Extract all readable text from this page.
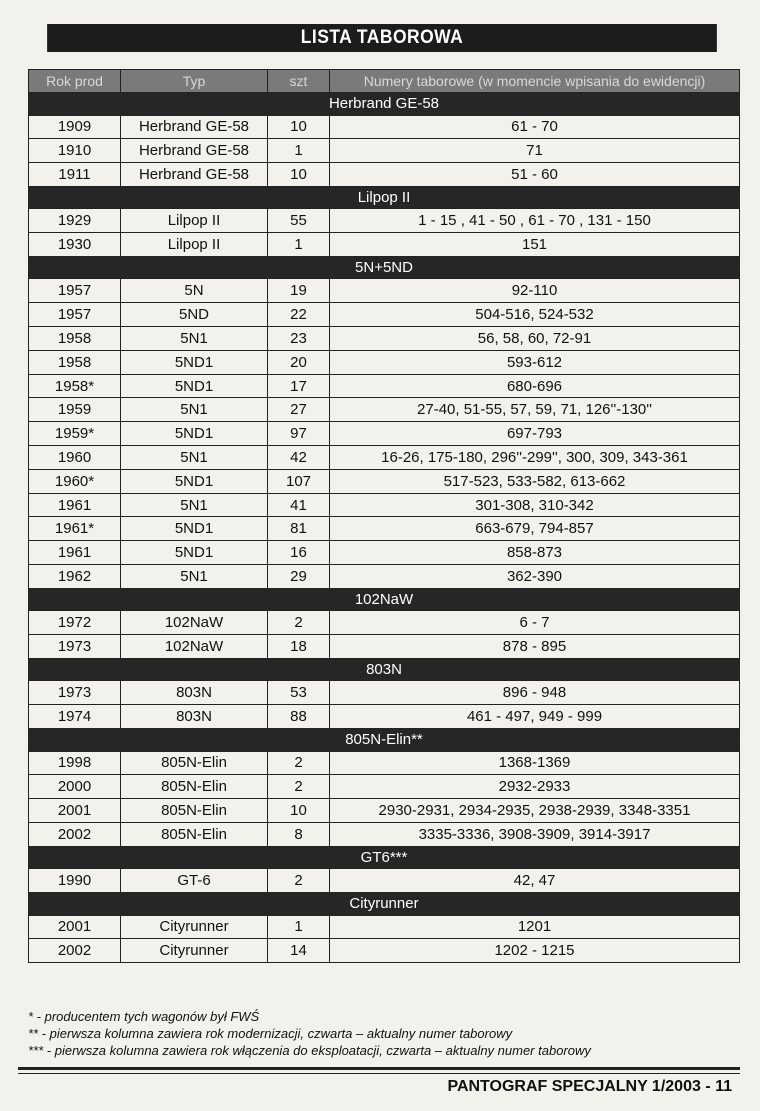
LISTA TABOROWA
Rok prod	Typ	szt	Numery taborowe (w momencie wpisania do ewidencji)
Herbrand GE-58			
1909	Herbrand GE-58	10	61 - 70
1910	Herbrand GE-58	1	71
1911	Herbrand GE-58	10	51 - 60
Lilpop II			
1929	Lilpop II	55	1 - 15 , 41 - 50 , 61 - 70 , 131 - 150
1930	Lilpop II	1	151
5N+5ND			
1957	5N	19	92-110
1957	5ND	22	504-516, 524-532
1958	5N1	23	56, 58, 60, 72-91
1958	5ND1	20	593-612
1958*	5ND1	17	680-696
1959	5N1	27	27-40, 51-55, 57, 59, 71, 126''-130''
1959*	5ND1	97	697-793
1960	5N1	42	16-26, 175-180, 296''-299'', 300, 309, 343-361
1960*	5ND1	107	517-523, 533-582, 613-662
1961	5N1	41	301-308, 310-342
1961*	5ND1	81	663-679, 794-857
1961	5ND1	16	858-873
1962	5N1	29	362-390
102NaW			
1972	102NaW	2	6 - 7
1973	102NaW	18	878 - 895
803N			
1973	803N	53	896 - 948
1974	803N	88	461 - 497, 949 - 999
805N-Elin**			
1998	805N-Elin	2	1368-1369
2000	805N-Elin	2	2932-2933
2001	805N-Elin	10	2930-2931, 2934-2935, 2938-2939, 3348-3351
2002	805N-Elin	8	3335-3336, 3908-3909, 3914-3917
GT6***			
1990	GT-6	2	42, 47
Cityrunner			
2001	Cityrunner	1	1201
2002	Cityrunner	14	1202 - 1215
* - producentem tych wagonów był FWŚ
** - pierwsza kolumna zawiera rok modernizacji, czwarta – aktualny numer taborowy
*** - pierwsza kolumna zawiera rok włączenia do eksploatacji, czwarta – aktualny numer taborowy
PANTOGRAF SPECJALNY 1/2003 - 11
